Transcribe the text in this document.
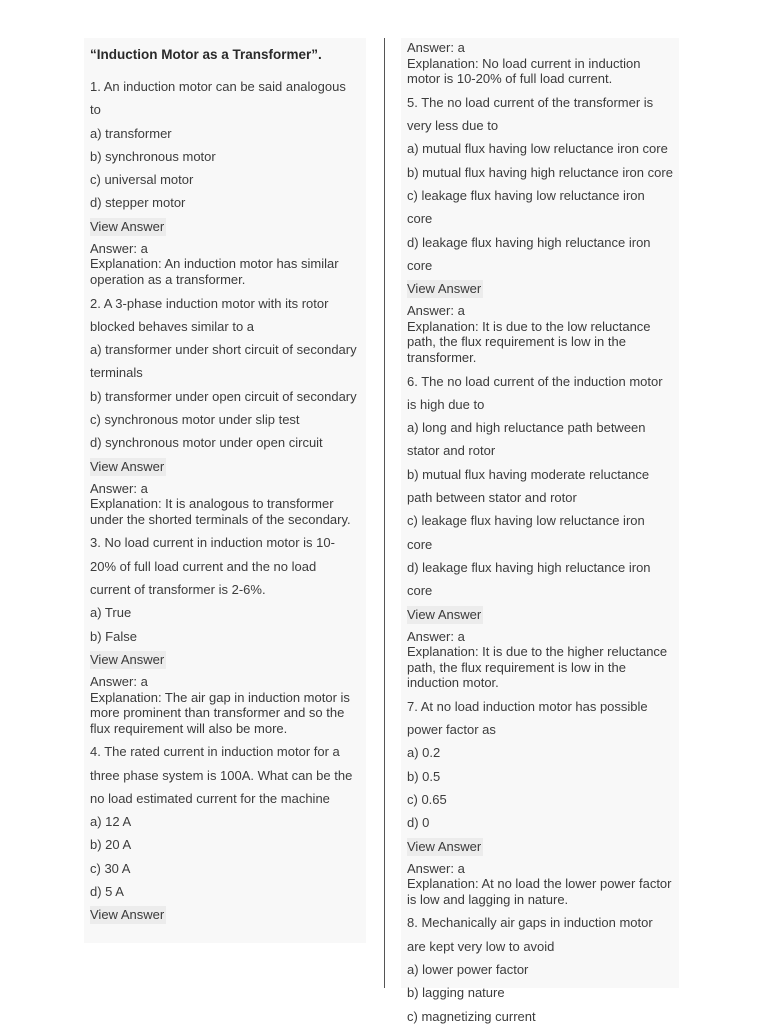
“Induction Motor as a Transformer”.

1. An induction motor can be said analogous to

a) transformer

b) synchronous motor

c) universal motor

d) stepper motor

View Answer

Answer: a
Explanation: An induction motor has similar operation as a transformer.

2. A 3-phase induction motor with its rotor blocked behaves similar to a

a) transformer under short circuit of secondary terminals

b) transformer under open circuit of secondary

c) synchronous motor under slip test

d) synchronous motor under open circuit

View Answer

Answer: a
Explanation: It is analogous to transformer under the shorted terminals of the secondary.

3. No load current in induction motor is 10-20% of full load current and the no load current of transformer is 2-6%.

a) True

b) False

View Answer

Answer: a
Explanation: The air gap in induction motor is more prominent than transformer and so the flux requirement will also be more.

4. The rated current in induction motor for a three phase system is 100A. What can be the no load estimated current for the machine

a) 12 A

b) 20 A

c) 30 A

d) 5 A

View Answer

Answer: a
Explanation: No load current in induction motor is 10-20% of full load current.

5. The no load current of the transformer is very less due to

a) mutual flux having low reluctance iron core

b) mutual flux having high reluctance iron core

c) leakage flux having low reluctance iron core

d) leakage flux having high reluctance iron core

View Answer

Answer: a
Explanation: It is due to the low reluctance path, the flux requirement is low in the transformer.

6. The no load current of the induction motor is high due to

a) long and high reluctance path between stator and rotor

b) mutual flux having moderate reluctance path between stator and rotor

c) leakage flux having low reluctance iron core

d) leakage flux having high reluctance iron core

View Answer

Answer: a
Explanation: It is due to the higher reluctance path, the flux requirement is low in the induction motor.

7. At no load induction motor has possible power factor as

a) 0.2

b) 0.5

c) 0.65

d) 0

View Answer

Answer: a
Explanation: At no load the lower power factor is low and lagging in nature.

8. Mechanically air gaps in induction motor are kept very low to avoid

a) lower power factor

b) lagging nature

c) magnetizing current
